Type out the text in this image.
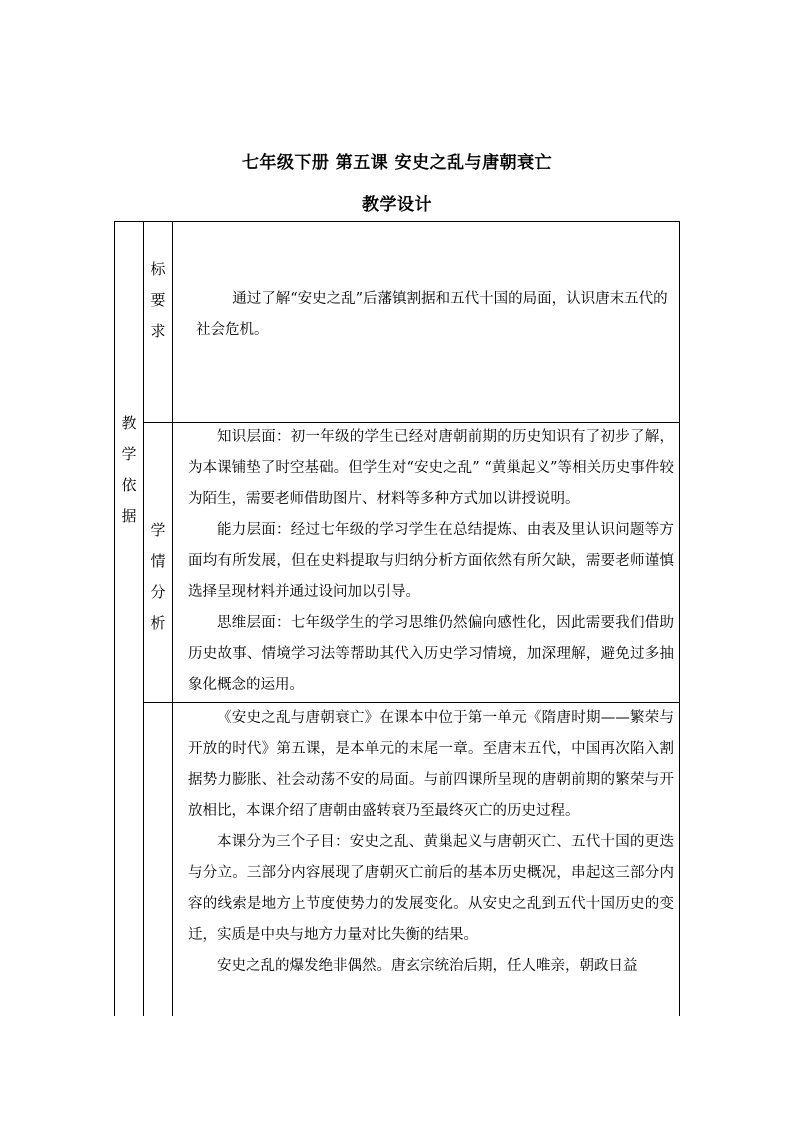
七年级下册 第五课 安史之乱与唐朝衰亡
教学设计
教
学
依
据
标
要
求

通过了解“安史之乱”后藩镇割据和五代十国的局面，认识唐末五代的社会危机。

学
情
分
析

知识层面：初一年级的学生已经对唐朝前期的历史知识有了初步了解，为本课铺垫了时空基础。但学生对“安史之乱” “黄巢起义”等相关历史事件较为陌生，需要老师借助图片、材料等多种方式加以讲授说明。

能力层面：经过七年级的学习学生在总结提炼、由表及里认识问题等方面均有所发展，但在史料提取与归纳分析方面依然有所欠缺，需要老师谨慎选择呈现材料并通过设问加以引导。

思维层面：七年级学生的学习思维仍然偏向感性化，因此需要我们借助历史故事、情境学习法等帮助其代入历史学习情境，加深理解，避免过多抽象化概念的运用。

《安史之乱与唐朝衰亡》在课本中位于第一单元《隋唐时期——繁荣与开放的时代》第五课，是本单元的末尾一章。至唐末五代，中国再次陷入割据势力膨胀、社会动荡不安的局面。与前四课所呈现的唐朝前期的繁荣与开放相比，本课介绍了唐朝由盛转衰乃至最终灭亡的历史过程。

本课分为三个子目：安史之乱、黄巢起义与唐朝灭亡、五代十国的更迭与分立。三部分内容展现了唐朝灭亡前后的基本历史概况，串起这三部分内容的线索是地方上节度使势力的发展变化。从安史之乱到五代十国历史的变迁，实质是中央与地方力量对比失衡的结果。

安史之乱的爆发绝非偶然。唐玄宗统治后期，任人唯亲，朝政日益
